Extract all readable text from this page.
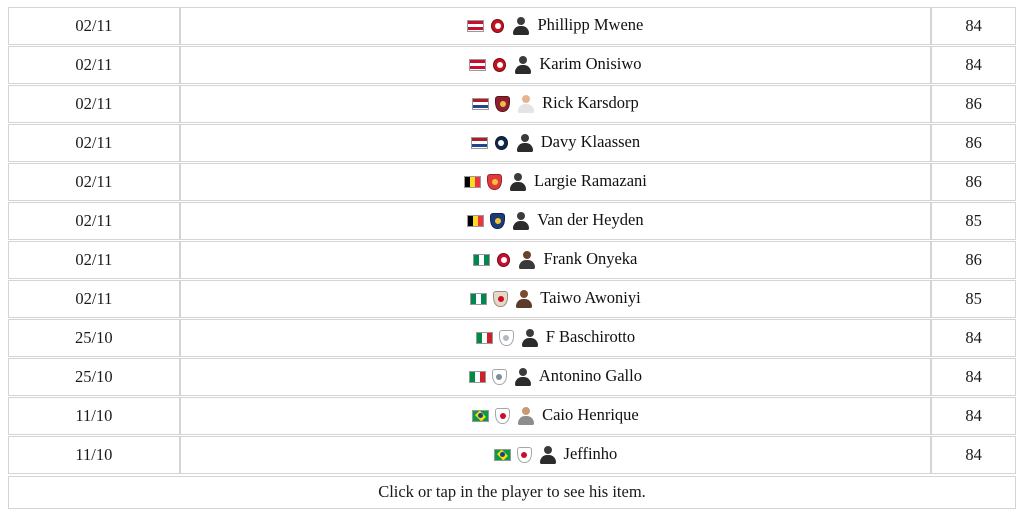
02/11	Phillipp Mwene	84
02/11	Karim Onisiwo	84
02/11	Rick Karsdorp	86
02/11	Davy Klaassen	86
02/11	Largie Ramazani	86
02/11	Van der Heyden	85
02/11	Frank Onyeka	86
02/11	Taiwo Awoniyi	85
25/10	F Baschirotto	84
25/10	Antonino Gallo	84
11/10	Caio Henrique	84
11/10	Jeffinho	84
Click or tap in the player to see his item.
